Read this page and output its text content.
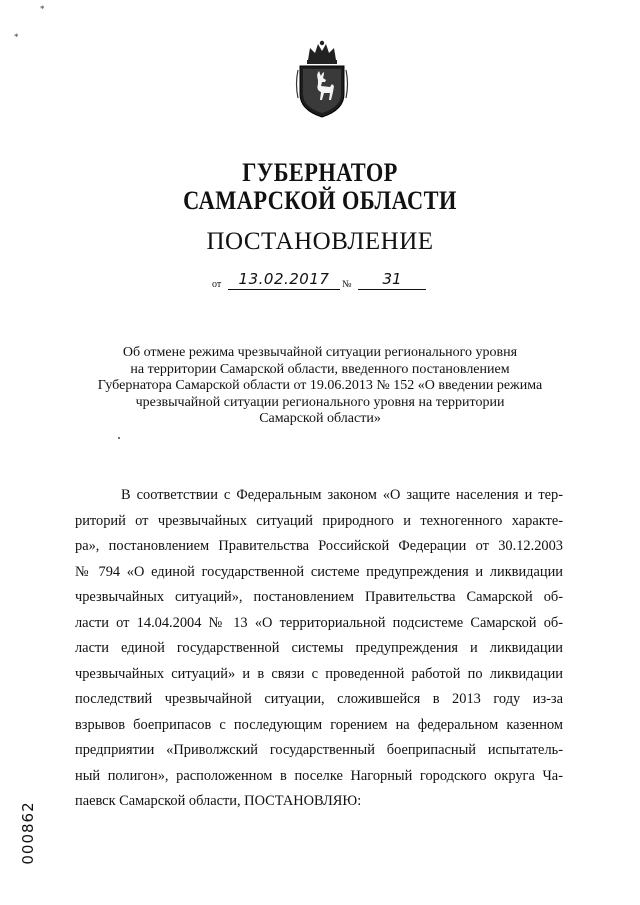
*
*
ГУБЕРНАТОР
САМАРСКОЙ ОБЛАСТИ
ПОСТАНОВЛЕНИЕ
от	13.02.2017	№	31
Об отмене режима чрезвычайной ситуации регионального уровня
на территории Самарской области, введенного постановлением
Губернатора Самарской области от 19.06.2013 № 152 «О введении режима
чрезвычайной ситуации регионального уровня на территории
Самарской области»
В соответствии с Федеральным законом «О защите населения и тер-
риторий от чрезвычайных ситуаций природного и техногенного характе-
ра», постановлением Правительства Российской Федерации от 30.12.2003
№ 794 «О единой государственной системе предупреждения и ликвидации
чрезвычайных ситуаций», постановлением Правительства Самарской об-
ласти от 14.04.2004 № 13 «О территориальной подсистеме Самарской об-
ласти единой государственной системы предупреждения и ликвидации
чрезвычайных ситуаций» и в связи с проведенной работой по ликвидации
последствий чрезвычайной ситуации, сложившейся в 2013 году из-за
взрывов боеприпасов с последующим горением на федеральном казенном
предприятии «Приволжский государственный боеприпасный испытатель-
ный полигон», расположенном в поселке Нагорный городского округа Ча-
паевск Самарской области, ПОСТАНОВЛЯЮ:
000862
